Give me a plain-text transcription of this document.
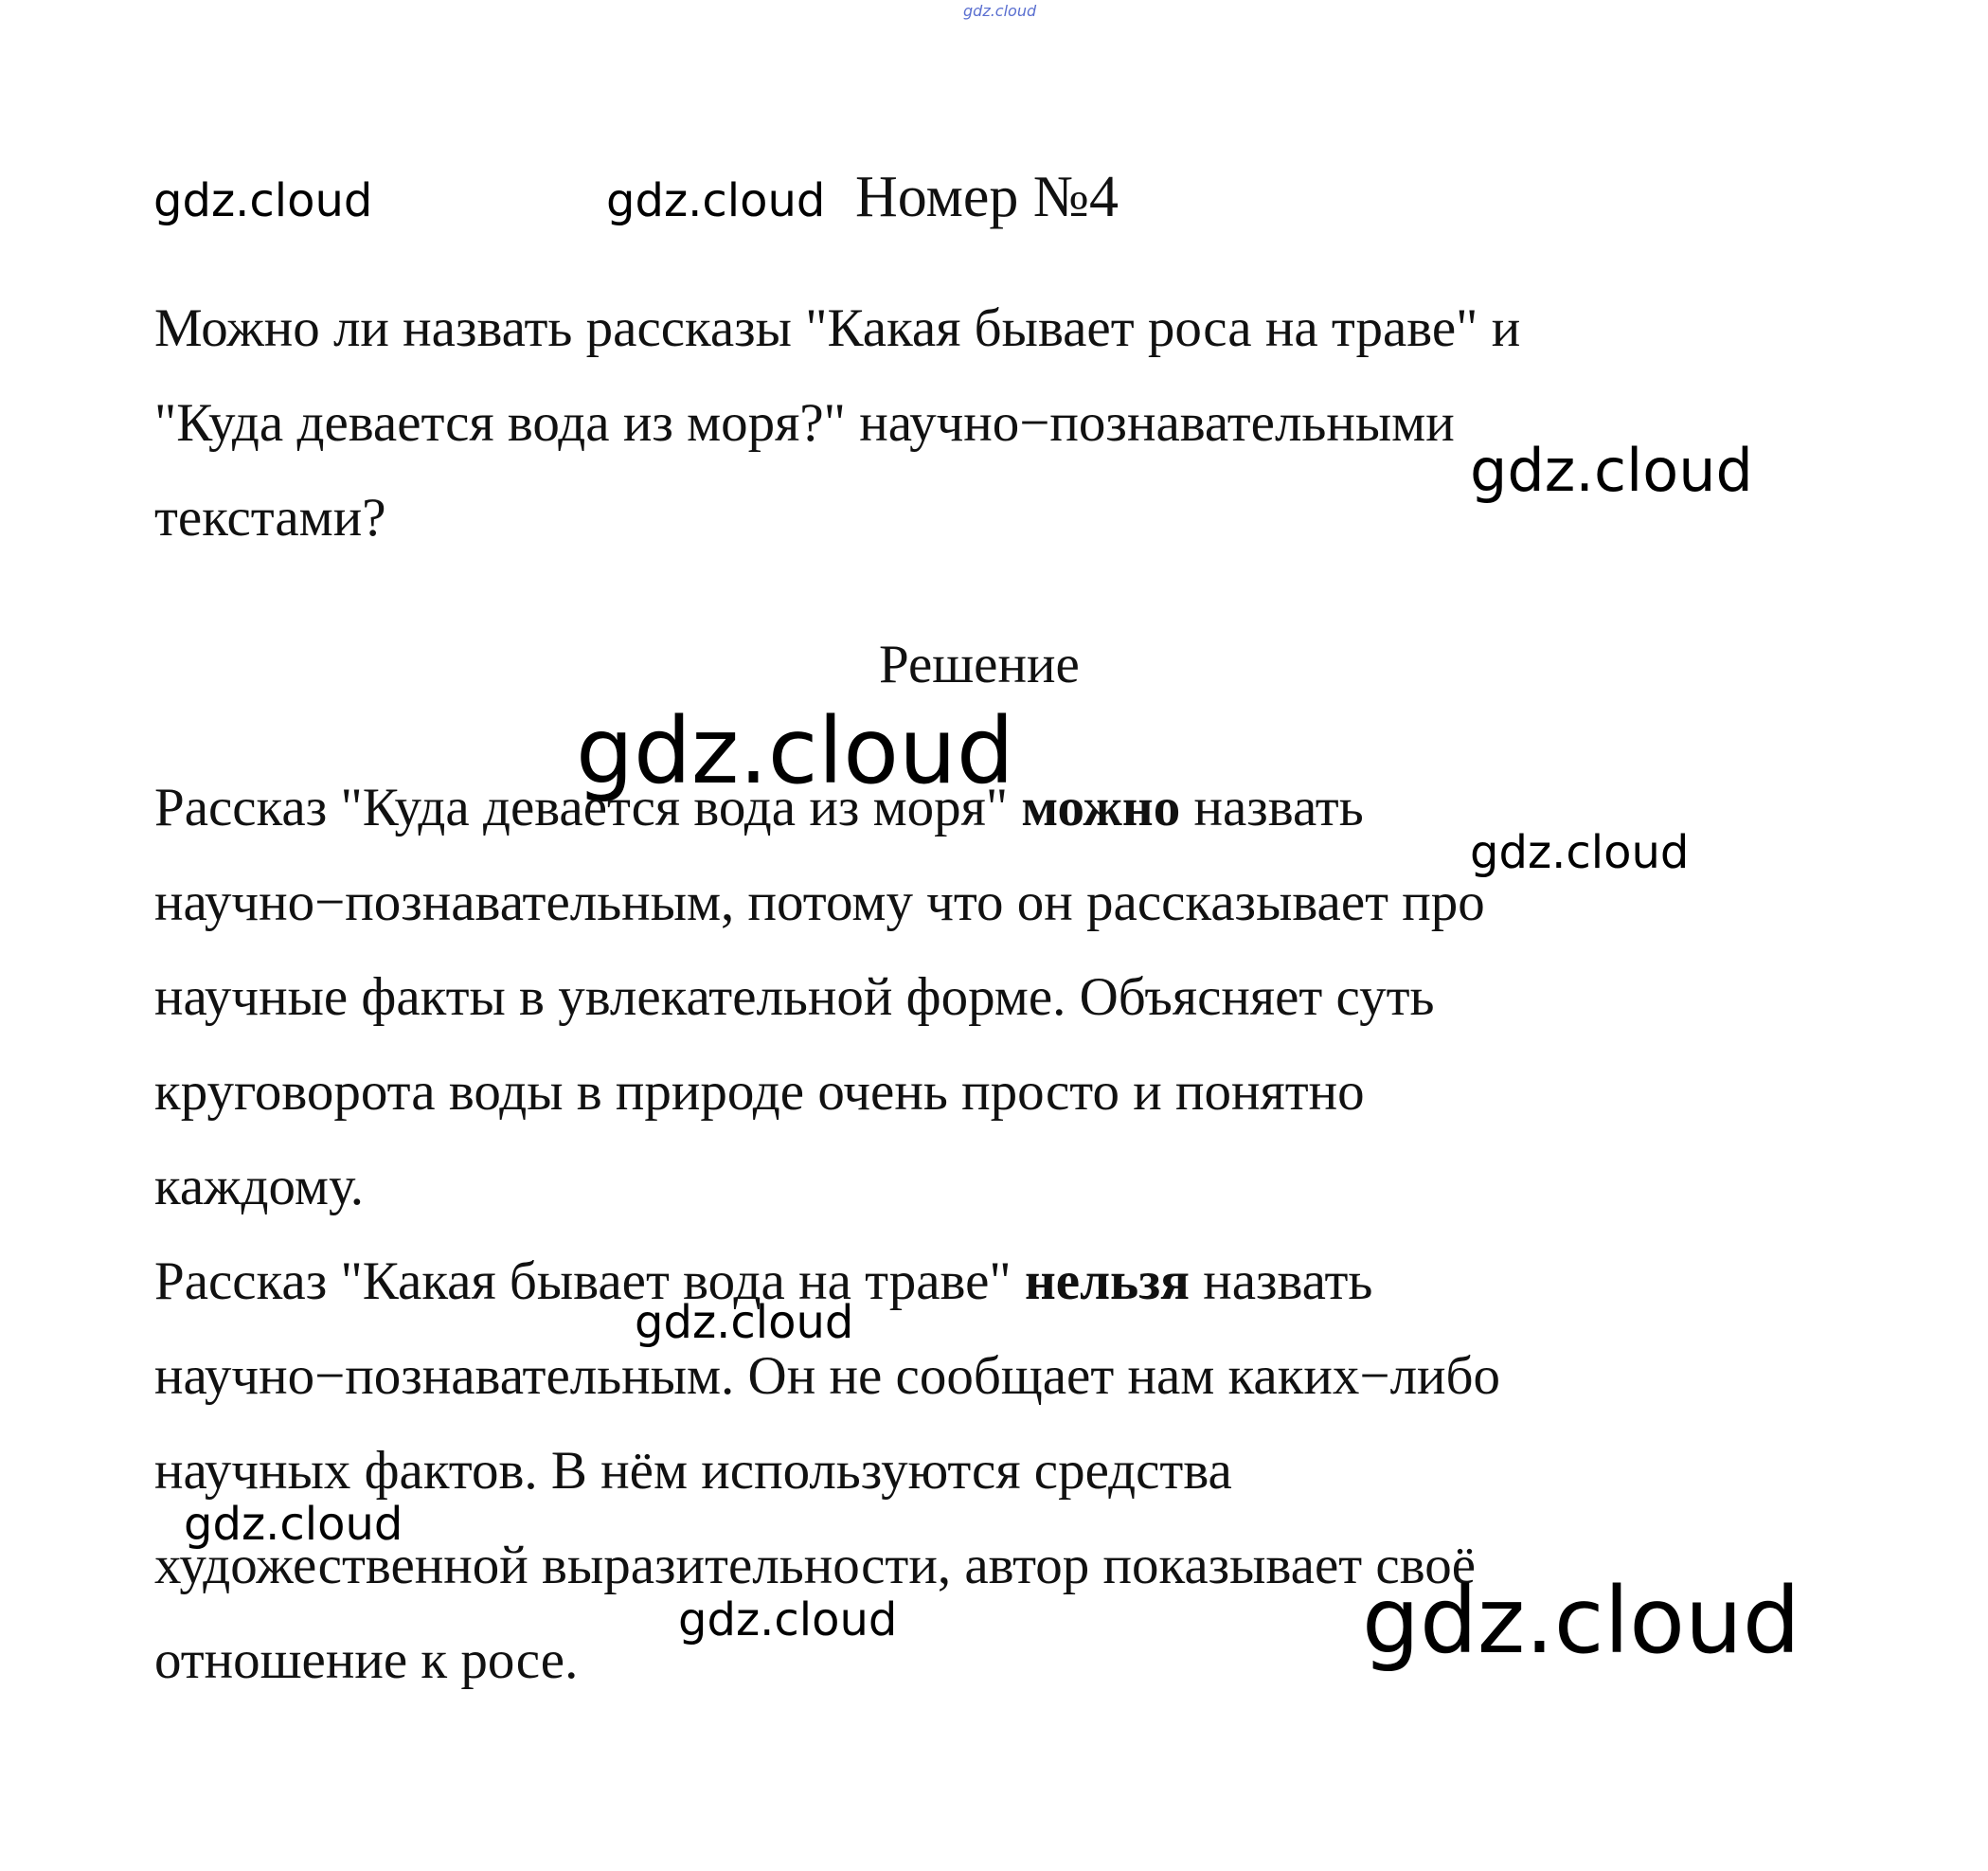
gdz.cloud
gdz.cloud	gdz.cloud Номер №4
Можно ли назвать рассказы "Какая бывает роса на траве" и
"Куда девается вода из моря?" научно−познавательными
gdz.cloud
текстами?
Решение
gdz.cloud
Рассказ "Куда девается вода из моря" можно назвать
gdz.cloud
научно−познавательным, потому что он рассказывает про
научные факты в увлекательной форме. Объясняет суть
круговорота воды в природе очень просто и понятно
каждому.
Рассказ "Какая бывает вода на траве" нельзя назвать
gdz.cloud
научно−познавательным. Он не сообщает нам каких−либо
научных фактов. В нём используются средства
gdz.cloud
художественной выразительности, автор показывает своё
gdz.cloud	gdz.cloud
отношение к росе.
